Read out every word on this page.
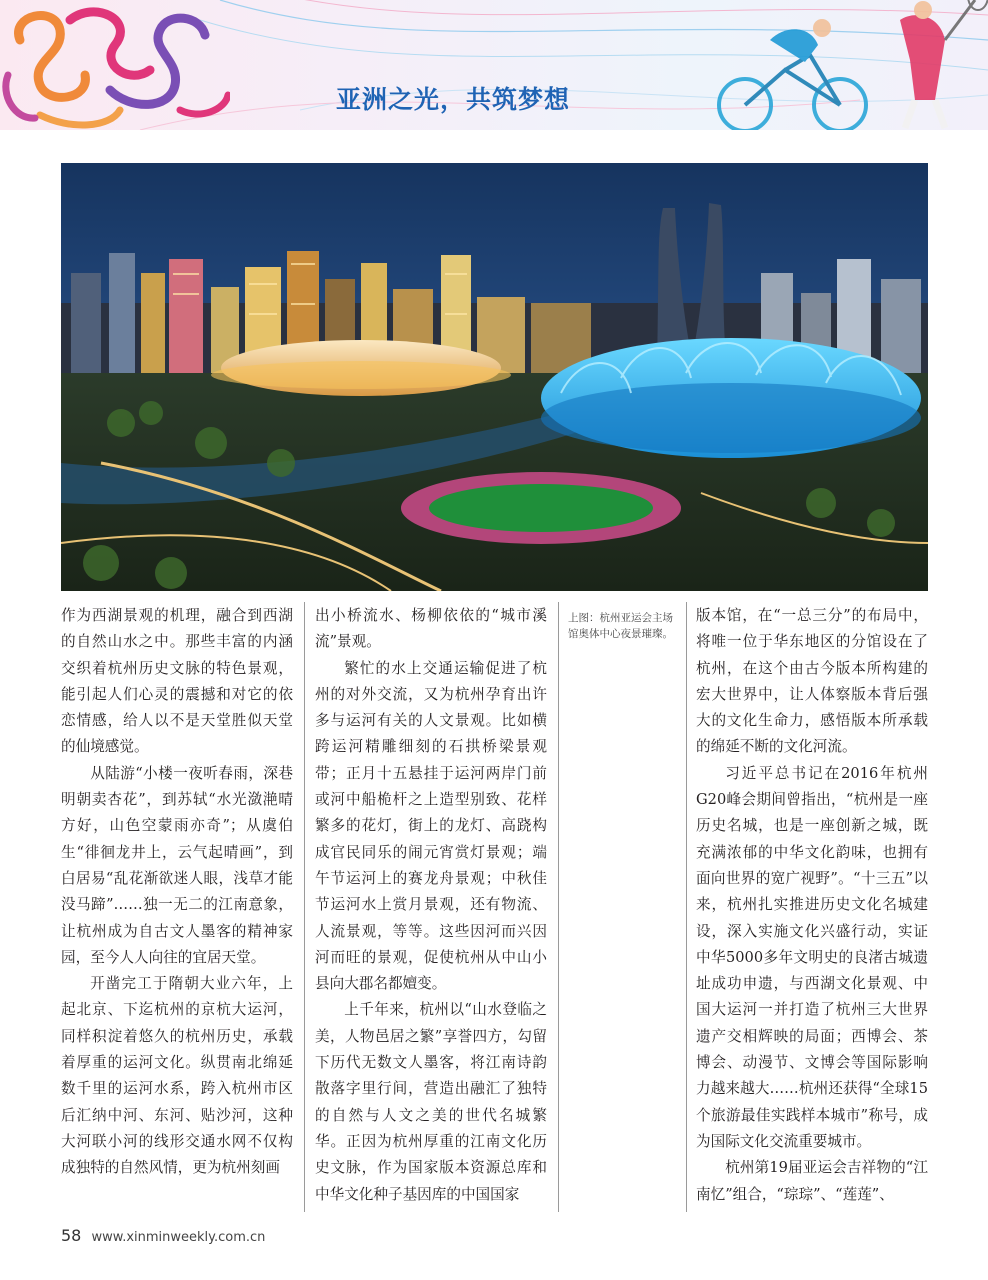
亚洲之光，共筑梦想

作为西湖景观的机理，融合到西湖的自然山水之中。那些丰富的内涵交织着杭州历史文脉的特色景观，能引起人们心灵的震撼和对它的依恋情感，给人以不是天堂胜似天堂的仙境感觉。

从陆游“小楼一夜听春雨，深巷明朝卖杏花”，到苏轼“水光潋滟晴方好，山色空蒙雨亦奇”；从虞伯生“徘徊龙井上，云气起晴画”，到白居易“乱花渐欲迷人眼，浅草才能没马蹄”……独一无二的江南意象，让杭州成为自古文人墨客的精神家园，至今人人向往的宜居天堂。

开凿完工于隋朝大业六年，上起北京、下迄杭州的京杭大运河，同样积淀着悠久的杭州历史，承载着厚重的运河文化。纵贯南北绵延数千里的运河水系，跨入杭州市区后汇纳中河、东河、贴沙河，这种大河联小河的线形交通水网不仅构成独特的自然风情，更为杭州刻画

出小桥流水、杨柳依依的“城市溪流”景观。

繁忙的水上交通运输促进了杭州的对外交流，又为杭州孕育出许多与运河有关的人文景观。比如横跨运河精雕细刻的石拱桥梁景观带；正月十五悬挂于运河两岸门前或河中船桅杆之上造型别致、花样繁多的花灯，街上的龙灯、高跷构成官民同乐的闹元宵赏灯景观；端午节运河上的赛龙舟景观；中秋佳节运河水上赏月景观，还有物流、人流景观，等等。这些因河而兴因河而旺的景观，促使杭州从中山小县向大郡名都嬗变。

上千年来，杭州以“山水登临之美，人物邑居之繁”享誉四方，勾留下历代无数文人墨客，将江南诗韵散落字里行间，营造出融汇了独特的自然与人文之美的世代名城繁华。正因为杭州厚重的江南文化历史文脉，作为国家版本资源总库和中华文化种子基因库的中国国家

上图：杭州亚运会主场馆奥体中心夜景璀璨。

版本馆，在“一总三分”的布局中，将唯一位于华东地区的分馆设在了杭州，在这个由古今版本所构建的宏大世界中，让人体察版本背后强大的文化生命力，感悟版本所承载的绵延不断的文化河流。

习近平总书记在2016年杭州G20峰会期间曾指出，“杭州是一座历史名城，也是一座创新之城，既充满浓郁的中华文化韵味，也拥有面向世界的宽广视野”。“十三五”以来，杭州扎实推进历史文化名城建设，深入实施文化兴盛行动，实证中华5000多年文明史的良渚古城遗址成功申遗，与西湖文化景观、中国大运河一并打造了杭州三大世界遗产交相辉映的局面；西博会、茶博会、动漫节、文博会等国际影响力越来越大……杭州还获得“全球15个旅游最佳实践样本城市”称号，成为国际文化交流重要城市。

杭州第19届亚运会吉祥物的“江南忆”组合，“琮琮”、“莲莲”、

58 www.xinminweekly.com.cn
